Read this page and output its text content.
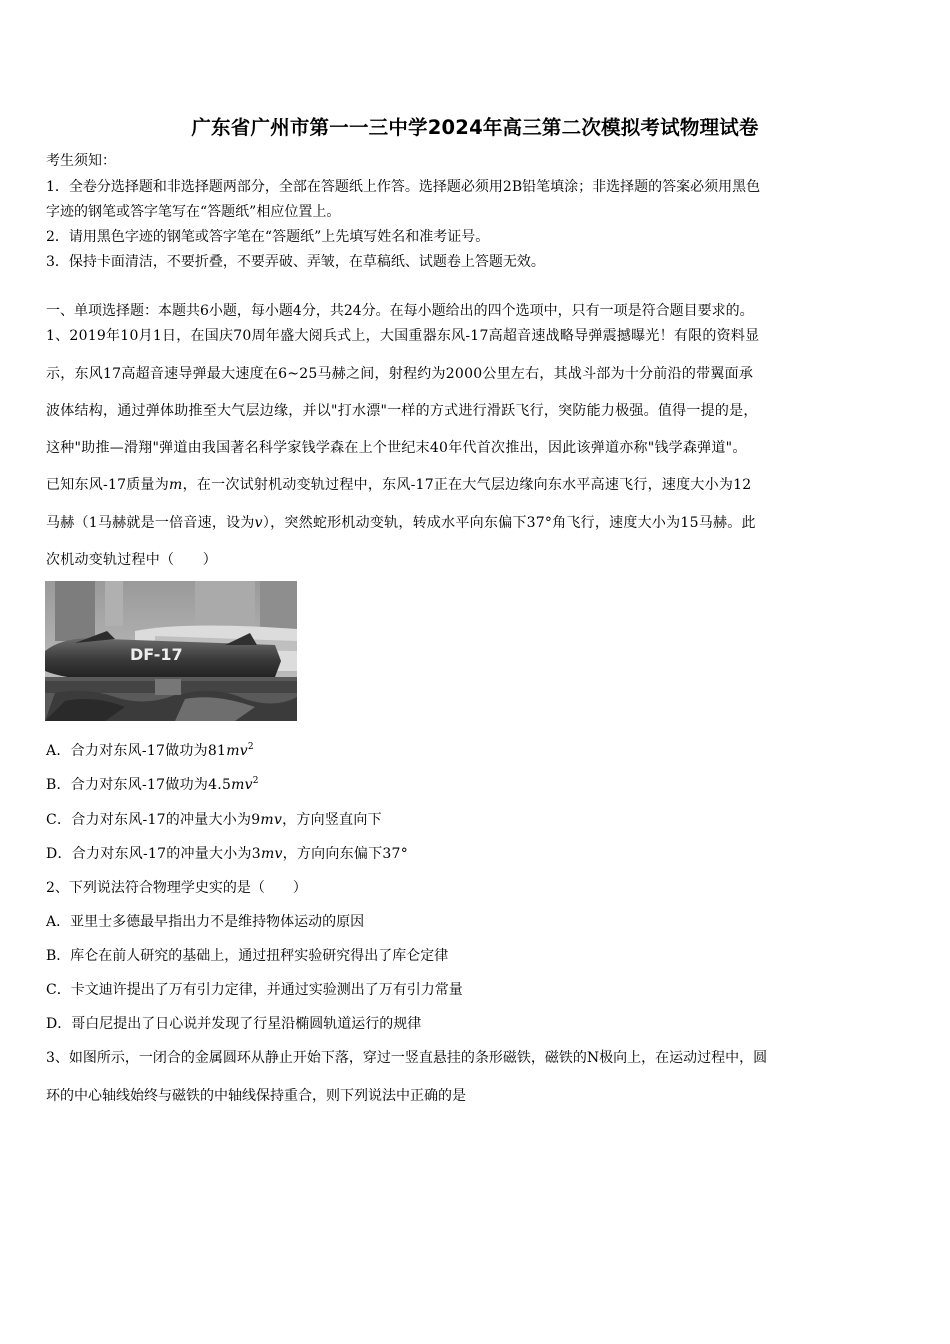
广东省广州市第一一三中学2024年高三第二次模拟考试物理试卷
考生须知：
1．全卷分选择题和非选择题两部分，全部在答题纸上作答。选择题必须用2B铅笔填涂；非选择题的答案必须用黑色
字迹的钢笔或答字笔写在“答题纸”相应位置上。
2．请用黑色字迹的钢笔或答字笔在“答题纸”上先填写姓名和准考证号。
3．保持卡面清洁，不要折叠，不要弄破、弄皱，在草稿纸、试题卷上答题无效。
一、单项选择题：本题共6小题，每小题4分，共24分。在每小题给出的四个选项中，只有一项是符合题目要求的。
1、2019年10月1日，在国庆70周年盛大阅兵式上，大国重器东风-17高超音速战略导弹震撼曝光！有限的资料显
示，东风17高超音速导弹最大速度在6~25马赫之间，射程约为2000公里左右，其战斗部为十分前沿的带翼面承
波体结构，通过弹体助推至大气层边缘，并以"打水漂"一样的方式进行滑跃飞行，突防能力极强。值得一提的是，
这种"助推—滑翔"弹道由我国著名科学家钱学森在上个世纪末40年代首次推出，因此该弹道亦称"钱学森弹道"。
已知东风-17质量为m，在一次试射机动变轨过程中，东风-17正在大气层边缘向东水平高速飞行，速度大小为12
马赫（1马赫就是一倍音速，设为v），突然蛇形机动变轨，转成水平向东偏下37°角飞行，速度大小为15马赫。此
次机动变轨过程中（　　）
DF-17
A．合力对东风-17做功为$81mv^2$
B．合力对东风-17做功为$4.5mv^2$
C．合力对东风-17的冲量大小为9mv，方向竖直向下
D．合力对东风-17的冲量大小为3mv，方向向东偏下37°
2、下列说法符合物理学史实的是（　　）
A．亚里士多德最早指出力不是维持物体运动的原因
B．库仑在前人研究的基础上，通过扭秤实验研究得出了库仑定律
C．卡文迪许提出了万有引力定律，并通过实验测出了万有引力常量
D．哥白尼提出了日心说并发现了行星沿椭圆轨道运行的规律
3、如图所示，一闭合的金属圆环从静止开始下落，穿过一竖直悬挂的条形磁铁，磁铁的N极向上，在运动过程中，圆
环的中心轴线始终与磁铁的中轴线保持重合，则下列说法中正确的是
